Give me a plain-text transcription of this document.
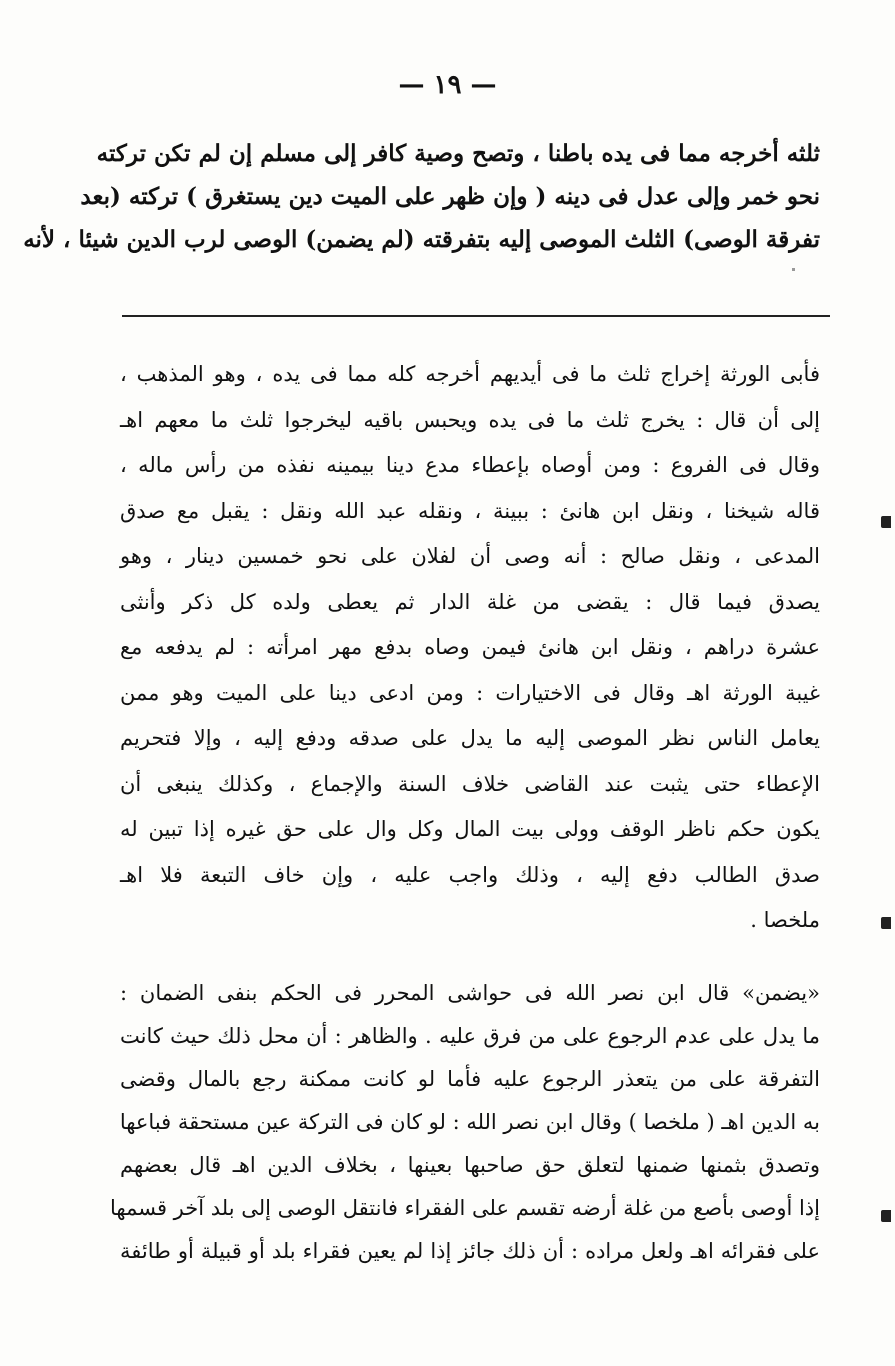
— ١٩ —
ثلثه أخرجه مما فى يده باطنا ، وتصح وصية كافر إلى مسلم إن لم تكن تركته
نحو خمر وإلى عدل فى دينه ( وإن ظهر على الميت دين يستغرق ) تركته (بعد
تفرقة الوصى) الثلث الموصى إليه بتفرقته (لم يضمن) الوصى لرب الدين شيئا ، لأنه
فأبى الورثة إخراج ثلث ما فى أيديهم أخرجه كله مما فى يده ، وهو المذهب ،
إلى أن قال : يخرج ثلث ما فى يده ويحبس باقيه ليخرجوا ثلث ما معهم اهـ
وقال فى الفروع : ومن أوصاه بإعطاء مدع دينا بيمينه نفذه من رأس ماله ،
قاله شيخنا ، ونقل ابن هانئ : ببينة ، ونقله عبد الله ونقل : يقبل مع صدق
المدعى ، ونقل صالح : أنه وصى أن لفلان على نحو خمسين دينار ، وهو
يصدق فيما قال : يقضى من غلة الدار ثم يعطى ولده كل ذكر وأنثى
عشرة دراهم ، ونقل ابن هانئ فيمن وصاه بدفع مهر امرأته : لم يدفعه مع
غيبة الورثة اهـ وقال فى الاختيارات : ومن ادعى دينا على الميت وهو ممن
يعامل الناس نظر الموصى إليه ما يدل على صدقه ودفع إليه ، وإلا فتحريم
الإعطاء حتى يثبت عند القاضى خلاف السنة والإجماع ، وكذلك ينبغى أن
يكون حكم ناظر الوقف وولى بيت المال وكل وال على حق غيره إذا تبين له
صدق الطالب دفع إليه ، وذلك واجب عليه ، وإن خاف التبعة فلا اهـ
ملخصا .
«يضمن» قال ابن نصر الله فى حواشى المحرر فى الحكم بنفى الضمان :
ما يدل على عدم الرجوع على من فرق عليه . والظاهر : أن محل ذلك حيث كانت
التفرقة على من يتعذر الرجوع عليه فأما لو كانت ممكنة رجع بالمال وقضى
به الدين اهـ ( ملخصا ) وقال ابن نصر الله : لو كان فى التركة عين مستحقة فباعها
وتصدق بثمنها ضمنها لتعلق حق صاحبها بعينها ، بخلاف الدين اهـ قال بعضهم
إذا أوصى بأصع من غلة أرضه تقسم على الفقراء فانتقل الوصى إلى بلد آخر قسمها
على فقرائه اهـ ولعل مراده : أن ذلك جائز إذا لم يعين فقراء بلد أو قبيلة أو طائفة
